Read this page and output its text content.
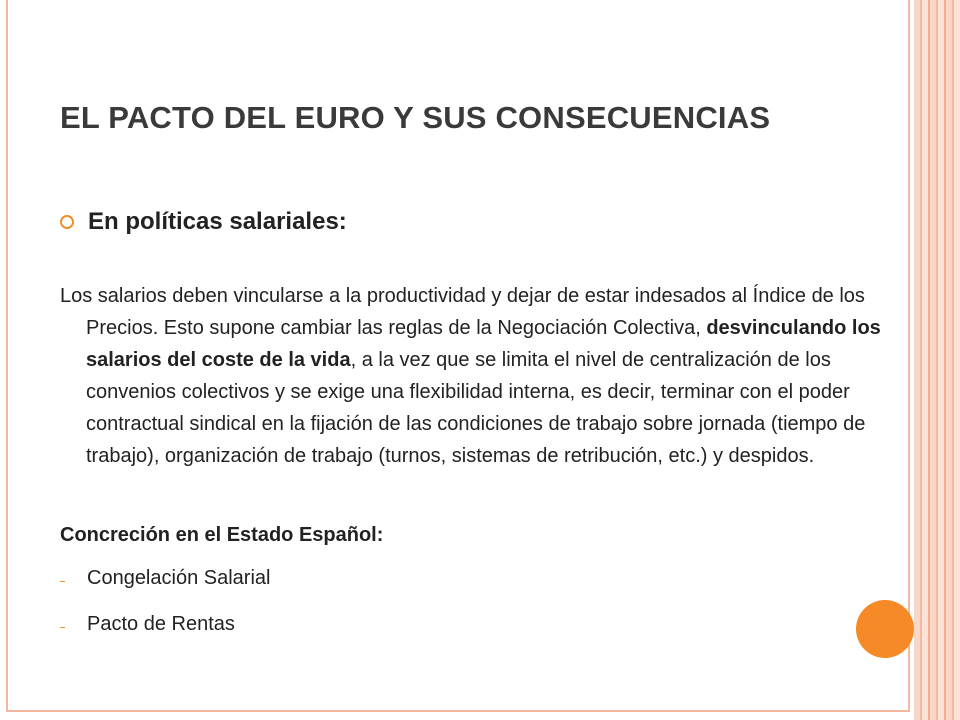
EL PACTO DEL EURO Y SUS CONSECUENCIAS
En políticas salariales:

Los salarios deben vincularse a la productividad y dejar de estar indesados al Índice de los Precios. Esto supone cambiar las reglas de la Negociación Colectiva, desvinculando los salarios del coste de la vida, a la vez que se limita el nivel de centralización de los convenios colectivos y se exige una flexibilidad interna, es decir, terminar con el poder contractual sindical en la fijación de las condiciones de trabajo sobre jornada (tiempo de trabajo), organización de trabajo (turnos, sistemas de retribución, etc.) y despidos.

Concreción en el Estado Español:
Congelación Salarial
Pacto de Rentas
